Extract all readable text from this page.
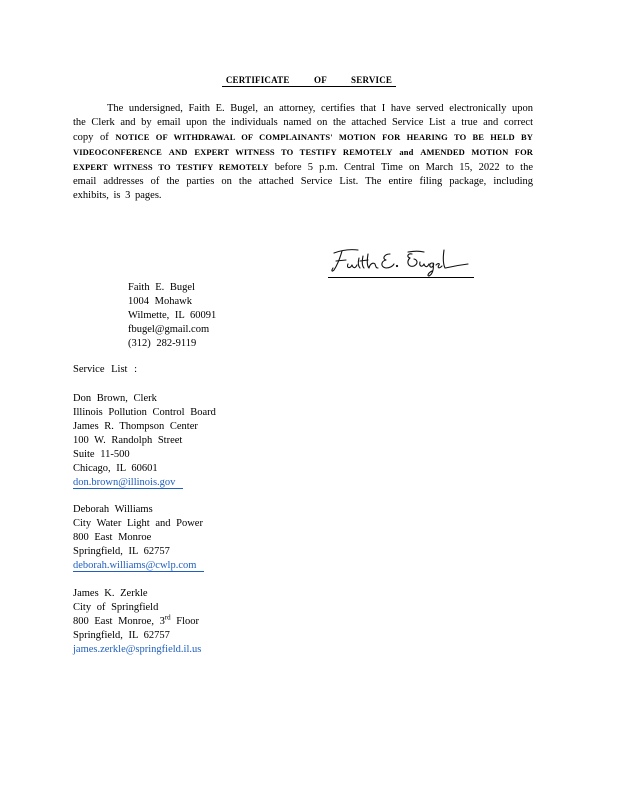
CERTIFICATE OF SERVICE
The undersigned, Faith E. Bugel, an attorney, certifies that I have served electronically upon the Clerk and by email upon the individuals named on the attached Service List a true and correct copy of NOTICE OF WITHDRAWAL OF COMPLAINANTS' MOTION FOR HEARING TO BE HELD BY VIDEOCONFERENCE AND EXPERT WITNESS TO TESTIFY REMOTELY and AMENDED MOTION FOR EXPERT WITNESS TO TESTIFY REMOTELY before 5 p.m. Central Time on March 15, 2022 to the email addresses of the parties on the attached Service List. The entire filing package, including exhibits, is 3 pages.
Faith E. Bugel
1004 Mohawk
Wilmette, IL 60091
fbugel@gmail.com
(312) 282-9119
Service List :
Don Brown, Clerk
Illinois Pollution Control Board
James R. Thompson Center
100 W. Randolph Street
Suite 11-500
Chicago, IL 60601
don.brown@illinois.gov
Deborah Williams
City Water Light and Power
800 East Monroe
Springfield, IL 62757
deborah.williams@cwlp.com
James K. Zerkle
City of Springfield
800 East Monroe, 3rd Floor
Springfield, IL 62757
james.zerkle@springfield.il.us
